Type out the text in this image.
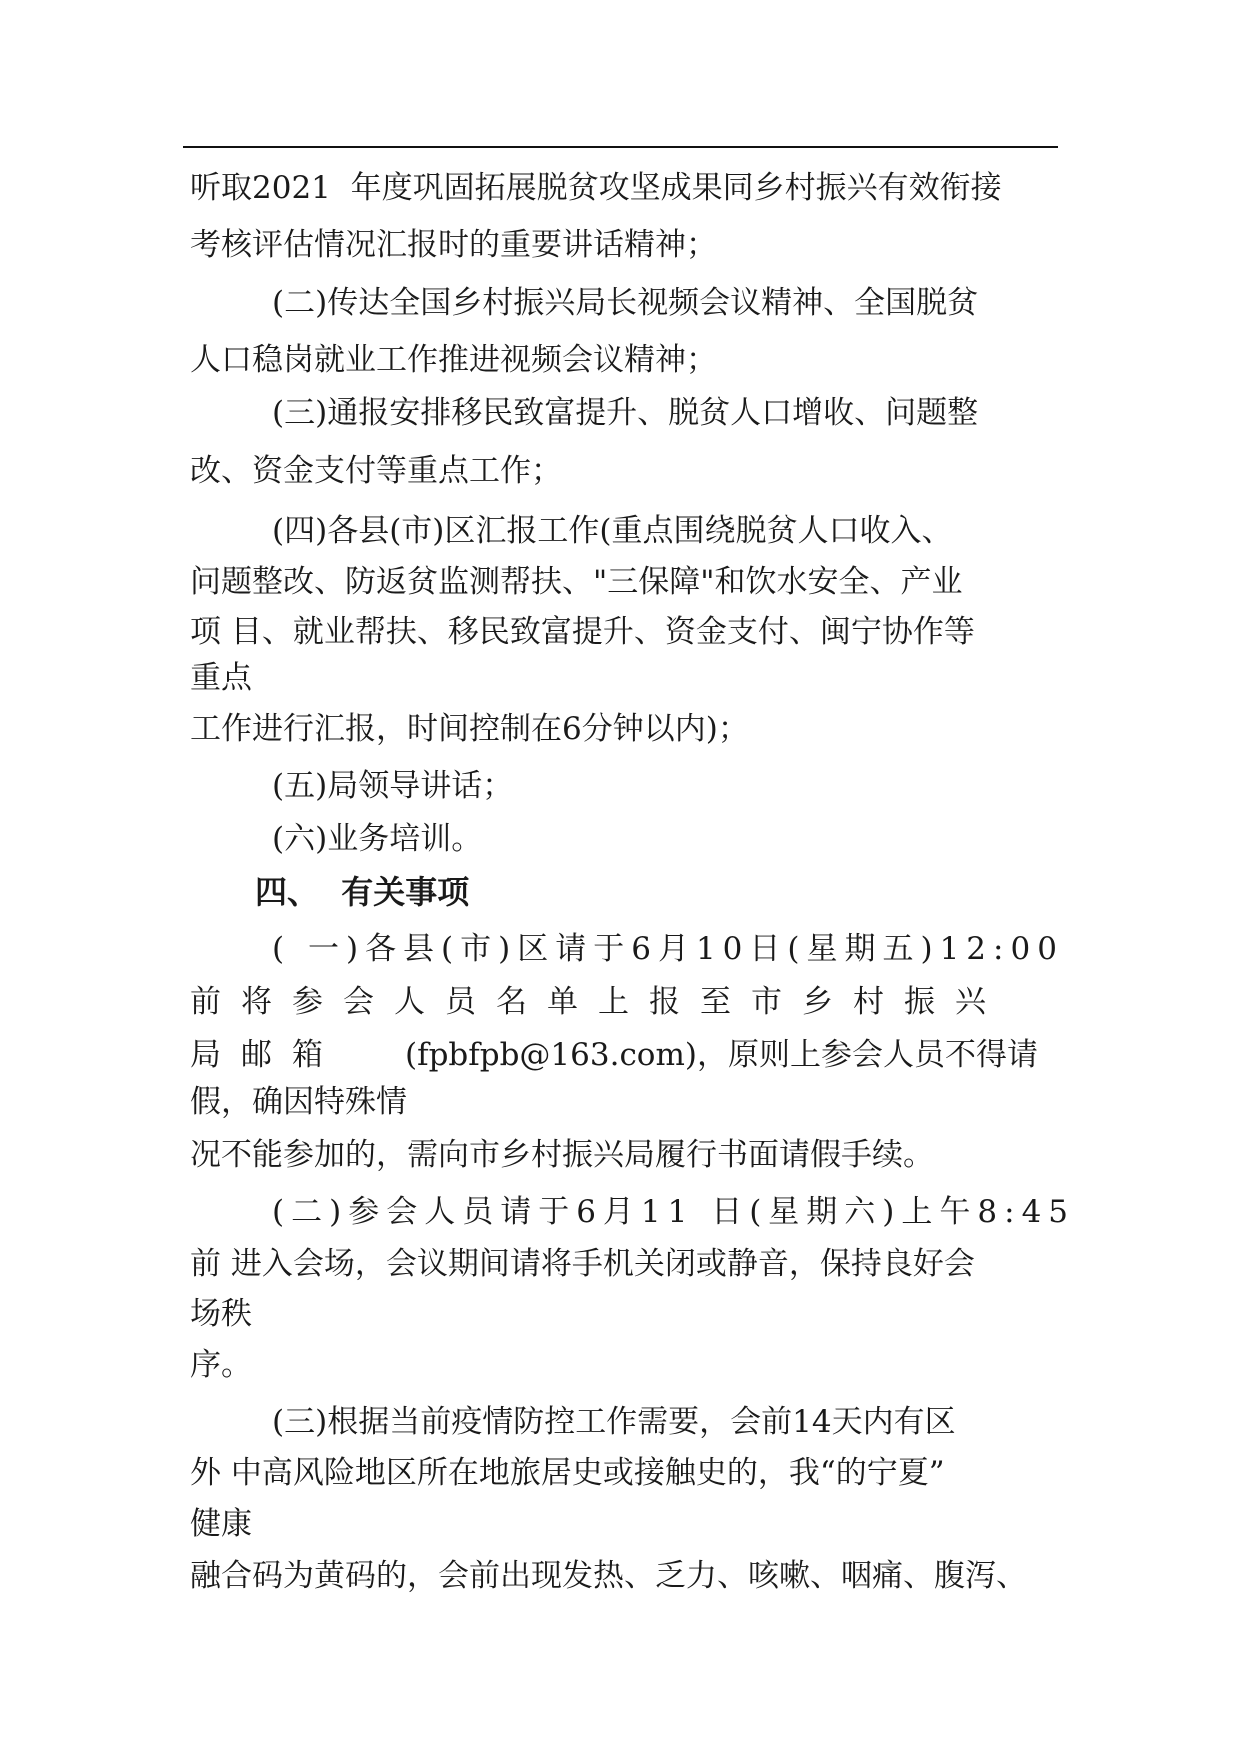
听取2021  年度巩固拓展脱贫攻坚成果同乡村振兴有效衔接
考核评估情况汇报时的重要讲话精神；
(二)传达全国乡村振兴局长视频会议精神、全国脱贫
人口稳岗就业工作推进视频会议精神；
(三)通报安排移民致富提升、脱贫人口增收、问题整
改、资金支付等重点工作；
(四)各县(市)区汇报工作(重点围绕脱贫人口收入、
问题整改、防返贫监测帮扶、"三保障"和饮水安全、产业
项 目、就业帮扶、移民致富提升、资金支付、闽宁协作等
重点
工作进行汇报，时间控制在6分钟以内)；
(五)局领导讲话；
(六)业务培训。
四、  有关事项
( 一)各县(市)区请于6月10日(星期五)12:00
前将参会人员名单上报至市乡村振兴
局邮箱 (fpbfpb@163.com)，原则上参会人员不得请
假，确因特殊情
况不能参加的，需向市乡村振兴局履行书面请假手续。
(二)参会人员请于6月11 日(星期六)上午8:45
前 进入会场，会议期间请将手机关闭或静音，保持良好会
场秩
序。
(三)根据当前疫情防控工作需要，会前14天内有区
外 中高风险地区所在地旅居史或接触史的，我“的宁夏”
健康
融合码为黄码的，会前出现发热、乏力、咳嗽、咽痛、腹泻、
